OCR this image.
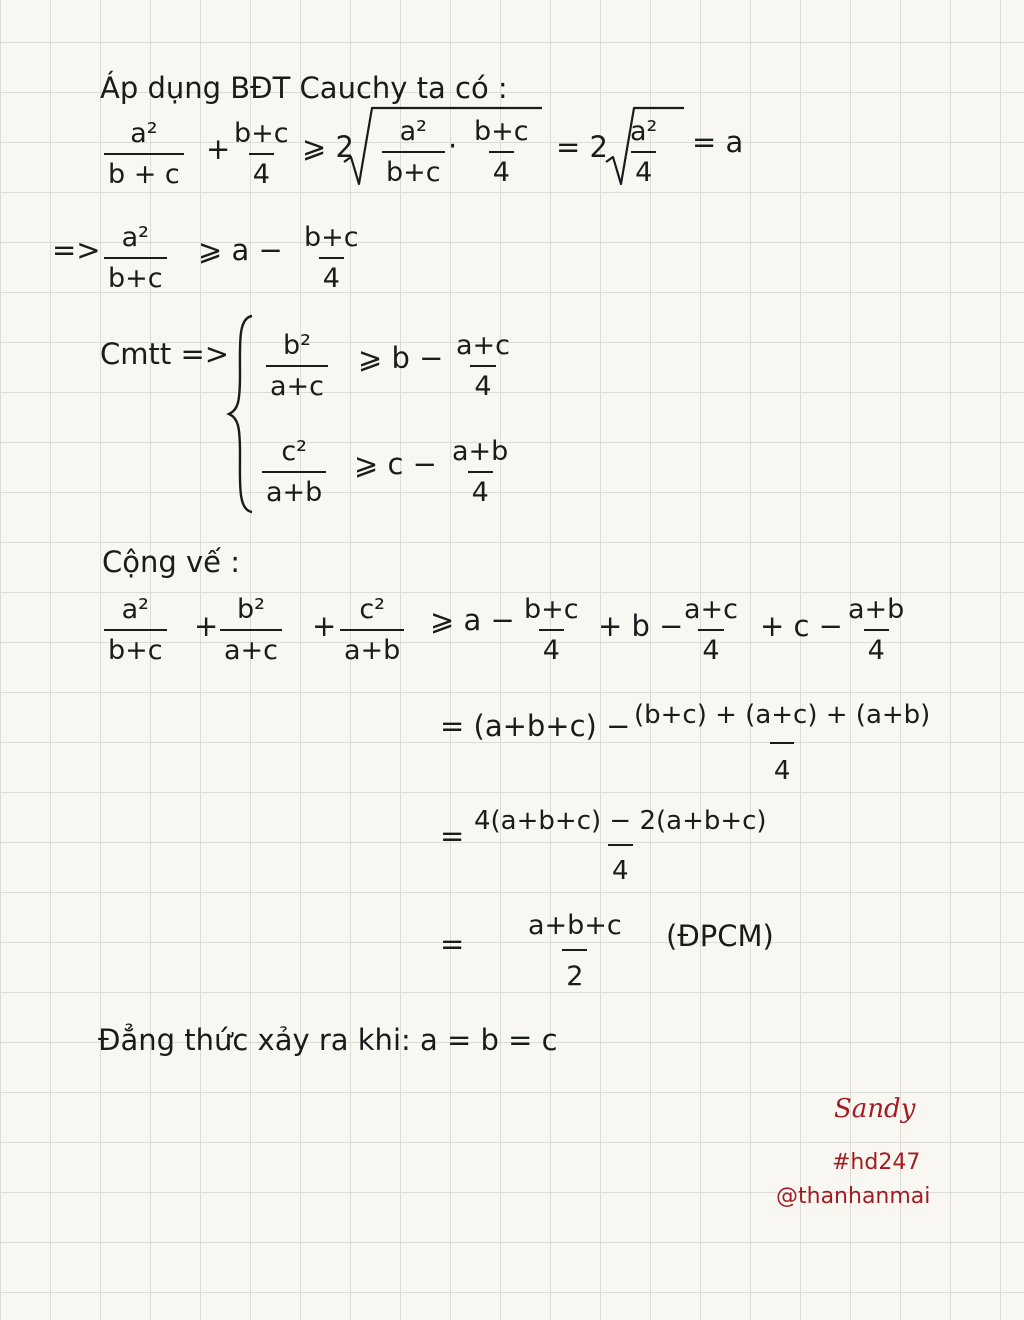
Áp dụng BĐT Cauchy ta có :
$\frac{\text{a²}}{b + c} + \frac{b+c}{4}$ ⩾ $2 \frac{\text{a²}}{b+c} \cdot \frac{b+c}{4} = 2 \frac{\text{a²}}{4} = a$
=> $\frac{\text{a²}}{b+c}$ ⩾ $a - \frac{b+c}{4}$
Cmtt => $\frac{\text{b²}}{a+c}$ ⩾ $b - \frac{a+c}{4}$
$\frac{\text{c²}}{a+b}$ ⩾ $c - \frac{a+b}{4}$
Cộng vế :
$\frac{\text{a²}}{b+c} + \frac{\text{b²}}{a+c} + \frac{\text{c²}}{a+b}$ ⩾ $a - \frac{b+c}{4} + b$ −
$\frac{a+c}{4} + c - \frac{a+b}{4}$
= $(a+b+c) - \frac{(b+c) + (a+c) + (a+b)}{4}$
= $\frac{4(a+b+c) - 2(a+b+c)}{4}$
= $\frac{a+b+c}{2}$ (ĐPCM)
Đẳng thức xảy ra khi: a = b = c
Sandy
#hd247
@thanhanmai
